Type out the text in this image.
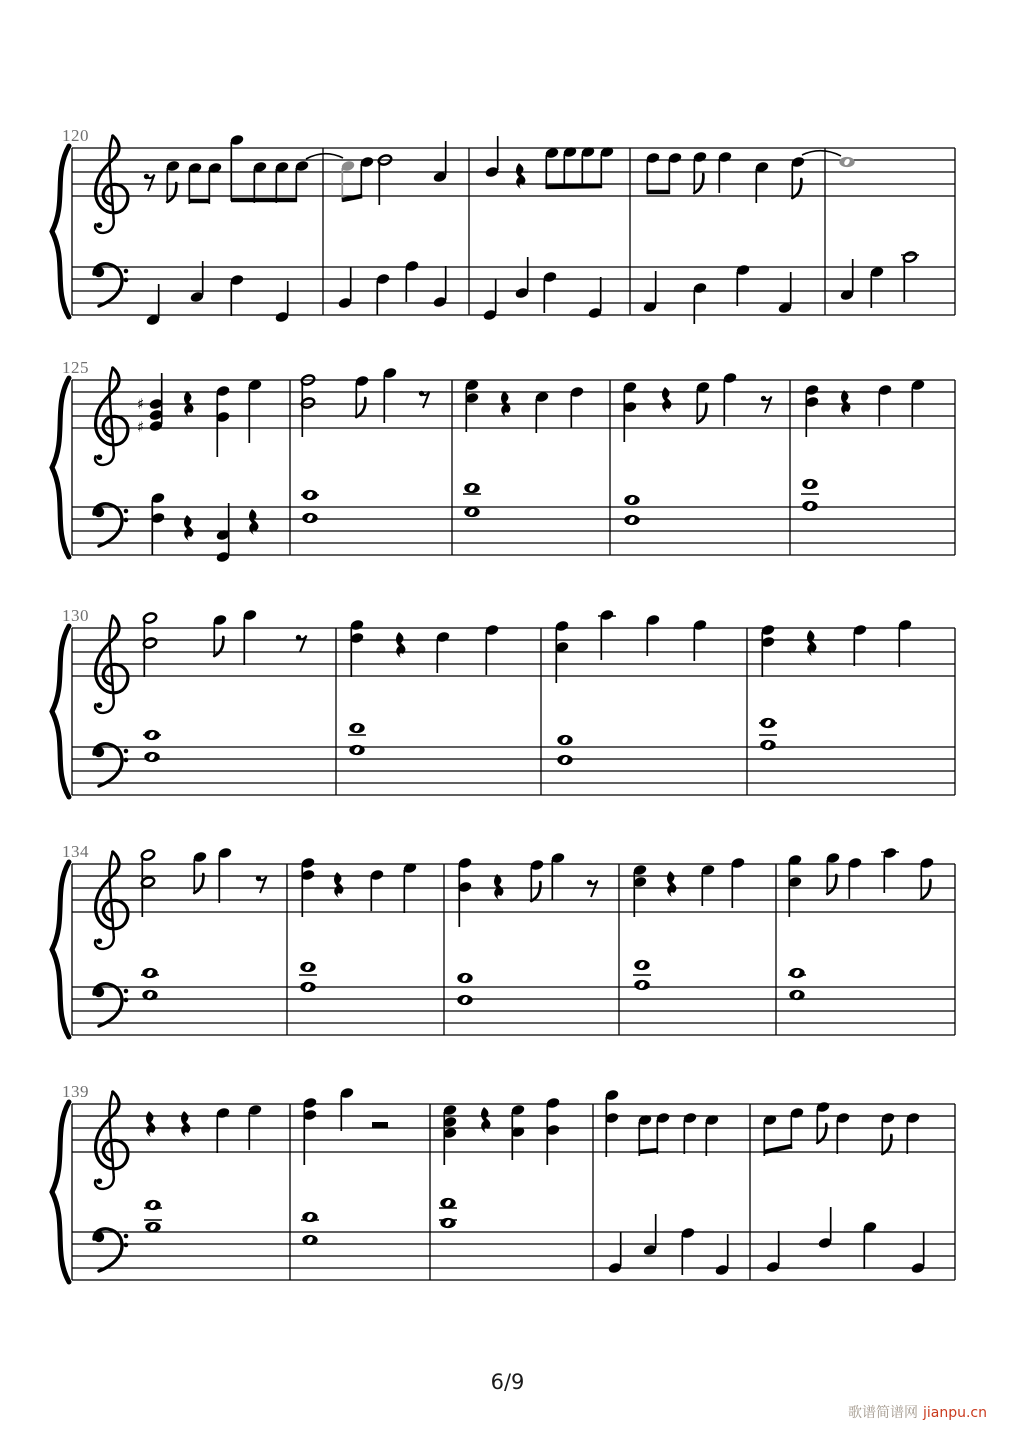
♯
♯
120
125
130
134
139
6/9
歌谱简谱网 jianpu.cn
